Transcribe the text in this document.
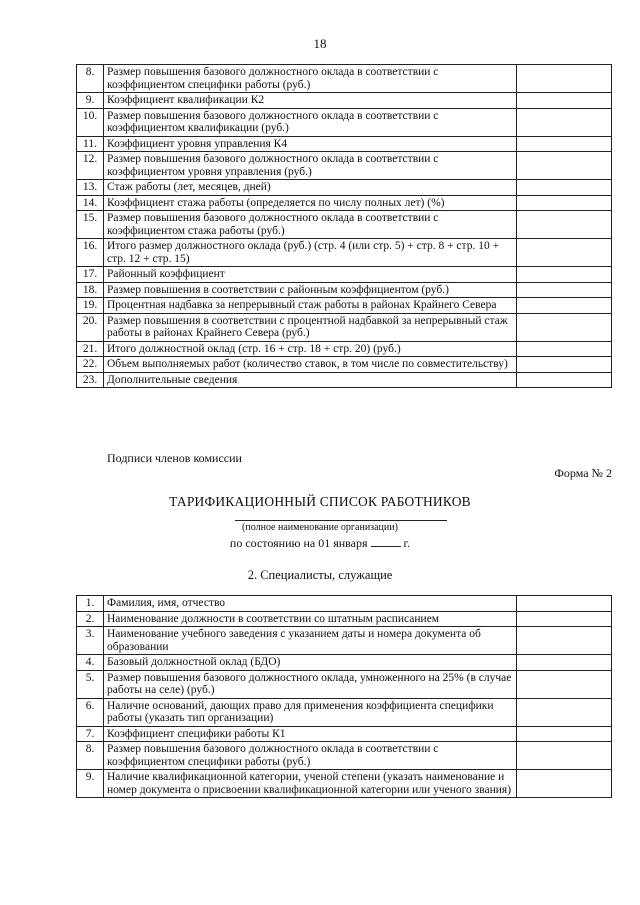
18
8.	Размер повышения базового должностного оклада в соответствии с коэффициентом специфики работы (руб.)	
9.	Коэффициент квалификации К2	
10.	Размер повышения базового должностного оклада в соответствии с коэффициентом квалификации (руб.)	
11.	Коэффициент уровня управления К4	
12.	Размер повышения базового должностного оклада в соответствии с коэффициентом уровня управления (руб.)	
13.	Стаж работы (лет, месяцев, дней)	
14.	Коэффициент стажа работы (определяется по числу полных лет) (%)	
15.	Размер повышения базового должностного оклада в соответствии с коэффициентом стажа работы (руб.)	
16.	Итого размер должностного оклада (руб.) (стр. 4 (или стр. 5) + стр. 8 + стр. 10 + стр. 12 + стр. 15)	
17.	Районный коэффициент	
18.	Размер повышения в соответствии с районным коэффициентом (руб.)	
19.	Процентная надбавка за непрерывный стаж работы в районах Крайнего Севера	
20.	Размер повышения в соответствии с процентной надбавкой за непрерывный стаж работы в районах Крайнего Севера (руб.)	
21.	Итого должностной оклад (стр. 16 + стр. 18 + стр. 20) (руб.)	
22.	Объем выполняемых работ (количество ставок, в том числе по совместительству)	
23.	Дополнительные сведения	
Подписи членов комиссии
Форма № 2
ТАРИФИКАЦИОННЫЙ СПИСОК РАБОТНИКОВ
(полное наименование организации)
по состоянию на 01 января	г.
2. Специалисты, служащие
1.	Фамилия, имя, отчество	
2.	Наименование должности в соответствии со штатным расписанием	
3.	Наименование учебного заведения с указанием даты и номера документа об образовании	
4.	Базовый должностной оклад (БДО)	
5.	Размер повышения базового должностного оклада, умноженного на 25% (в случае работы на селе) (руб.)	
6.	Наличие оснований, дающих право для применения коэффициента специфики работы (указать тип организации)	
7.	Коэффициент специфики работы К1	
8.	Размер повышения базового должностного оклада в соответствии с коэффициентом специфики работы (руб.)	
9.	Наличие квалификационной категории, ученой степени (указать наименование и номер документа о присвоении квалификационной категории или ученого звания)	
